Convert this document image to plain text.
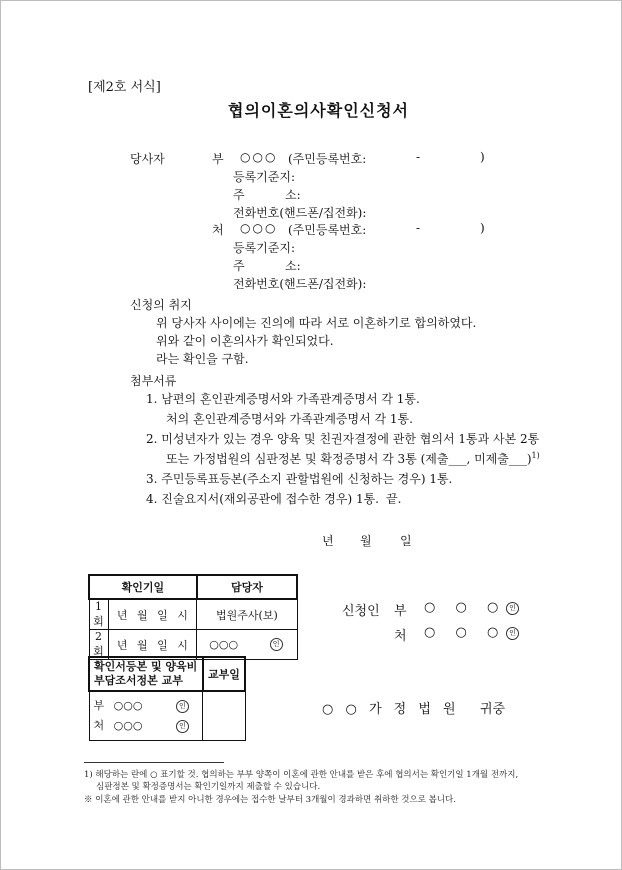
[제2호 서식]
협의이혼의사확인신청서
당사자	부 ○○○ (주민등록번호:	-	)
등록기준지:
주	소:
전화번호(핸드폰/집전화):
처 ○○○ (주민등록번호:	-	)
등록기준지:
주	소:
전화번호(핸드폰/집전화):
신청의 취지
위 당사자 사이에는 진의에 따라 서로 이혼하기로 합의하였다.
위와 같이 이혼의사가 확인되었다.
라는 확인을 구함.
첨부서류
1. 남편의 혼인관계증명서와 가족관계증명서 각 1통.
처의 혼인관계증명서와 가족관계증명서 각 1통.
2. 미성년자가 있는 경우 양육 및 친권자결정에 관한 협의서 1통과 사본 2통
또는 가정법원의 심판정본 및 확정증명서 각 3통 (제출___, 미제출___)$^{1)}$
3. 주민등록표등본(주소지 관할법원에 신청하는 경우) 1통.
4. 진술요지서(재외공관에 접수한 경우) 1통. 끝.
년 월 일
확인기일		담당자
1회	년 월 일 시	법원주사(보)
2회	년 월 일 시	○○○ 인
확인서등본 및 양육비
부담조서정본 교부	교부일

부 ○○○ 인
처 ○○○ 인	

신청인 부 ○ ○ ○	인
처 ○ ○ ○	인
○ ○ 가 정 법 원 귀중
1) 해당하는 란에 ○ 표기할 것. 협의하는 부부 양쪽이 이혼에 관한 안내를 받은 후에 협의서는 확인기일 1개월 전까지,
심판정본 및 확정증명서는 확인기일까지 제출할 수 있습니다.
※ 이혼에 관한 안내를 받지 아니한 경우에는 접수한 날부터 3개월이 경과하면 취하한 것으로 봅니다.
